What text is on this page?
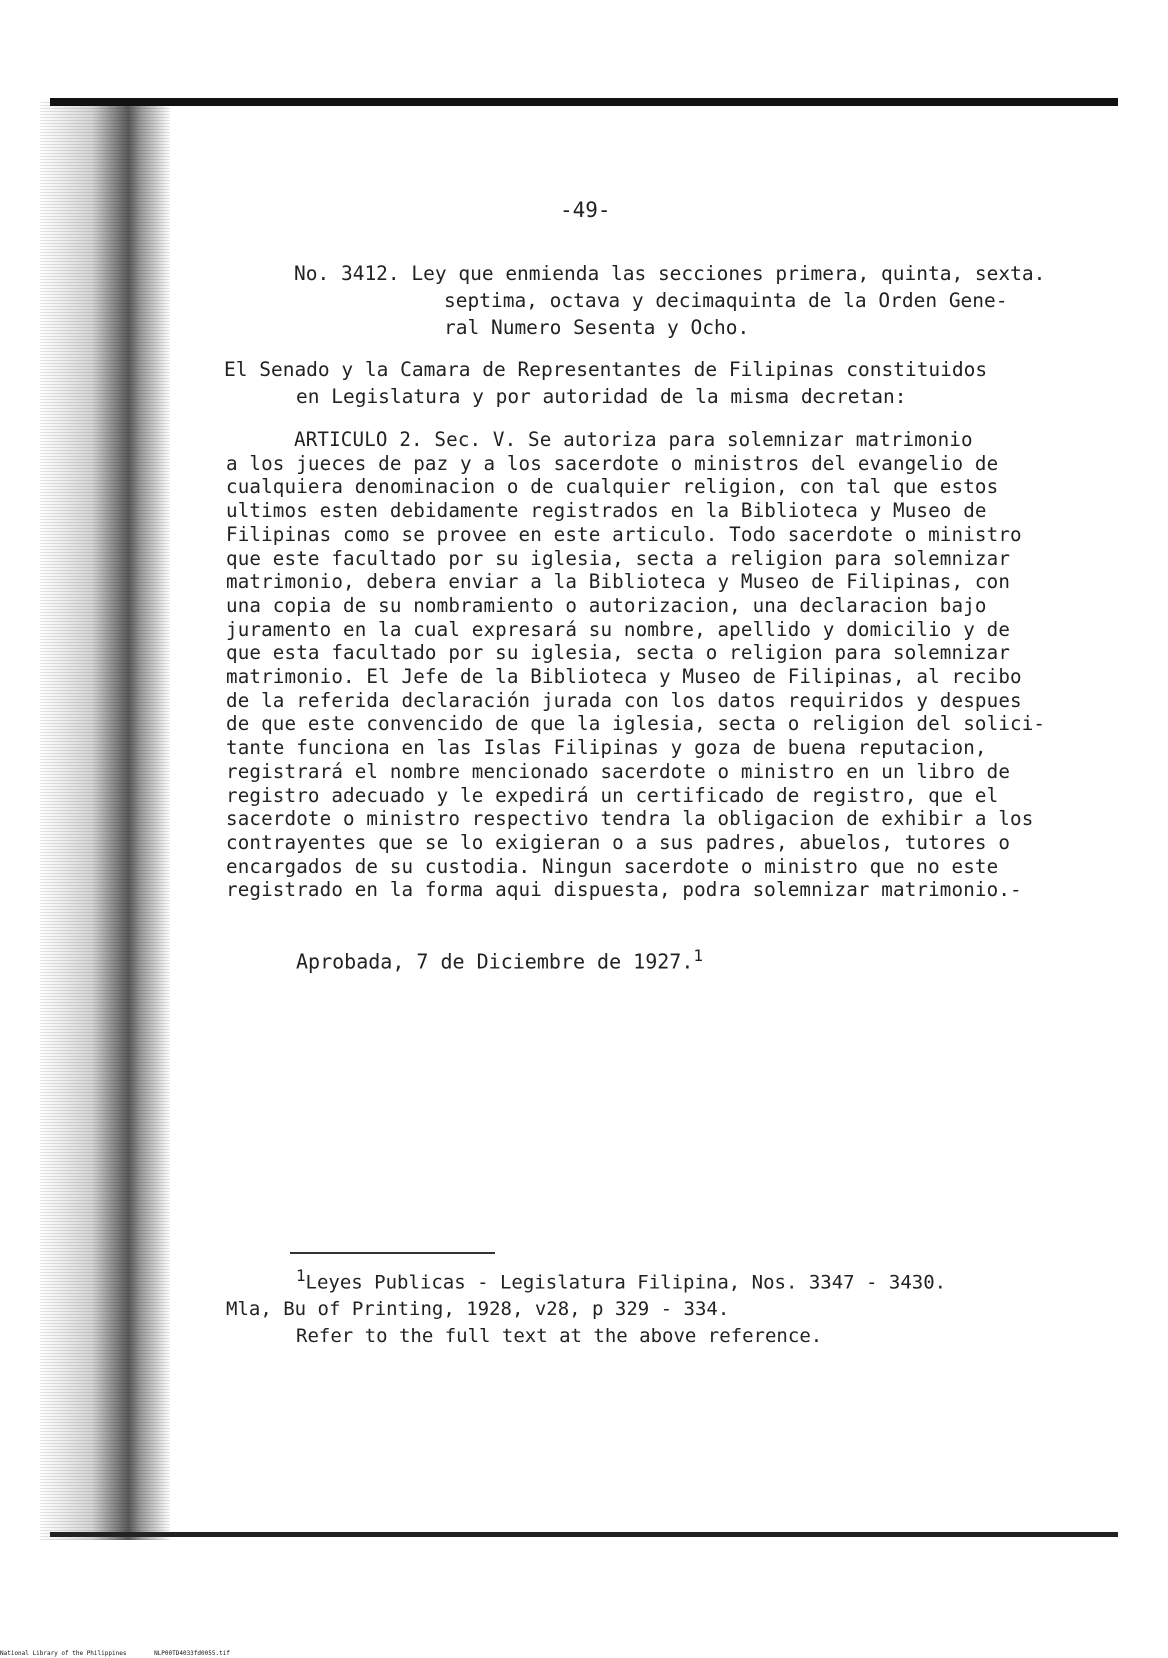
-49-
No. 3412. Ley que enmienda las secciones primera, quinta, sexta.
septima, octava y decimaquinta de la Orden Gene-
ral Numero Sesenta y Ocho.
El Senado y la Camara de Representantes de Filipinas constituidos
en Legislatura y por autoridad de la misma decretan:
ARTICULO 2. Sec. V. Se autoriza para solemnizar matrimonio
a los jueces de paz y a los sacerdote o ministros del evangelio de
cualquiera denominacion o de cualquier religion, con tal que estos
ultimos esten debidamente registrados en la Biblioteca y Museo de
Filipinas como se provee en este articulo. Todo sacerdote o ministro
que este facultado por su iglesia, secta a religion para solemnizar
matrimonio, debera enviar a la Biblioteca y Museo de Filipinas, con
una copia de su nombramiento o autorizacion, una declaracion bajo
juramento en la cual expresará su nombre, apellido y domicilio y de
que esta facultado por su iglesia, secta o religion para solemnizar
matrimonio. El Jefe de la Biblioteca y Museo de Filipinas, al recibo
de la referida declaración jurada con los datos requiridos y despues
de que este convencido de que la iglesia, secta o religion del solici-
tante funciona en las Islas Filipinas y goza de buena reputacion,
registrará el nombre mencionado sacerdote o ministro en un libro de
registro adecuado y le expedirá un certificado de registro, que el
sacerdote o ministro respectivo tendra la obligacion de exhibir a los
contrayentes que se lo exigieran o a sus padres, abuelos, tutores o
encargados de su custodia. Ningun sacerdote o ministro que no este
registrado en la forma aqui dispuesta, podra solemnizar matrimonio.-
Aprobada, 7 de Diciembre de 1927.$^1$
$^1$Leyes Publicas - Legislatura Filipina, Nos. 3347 - 3430.
Mla, Bu of Printing, 1928, v28, p 329 - 334.
Refer to the full text at the above reference.
National Library of the Philippines	NLP00TD4033fd0055.tif
